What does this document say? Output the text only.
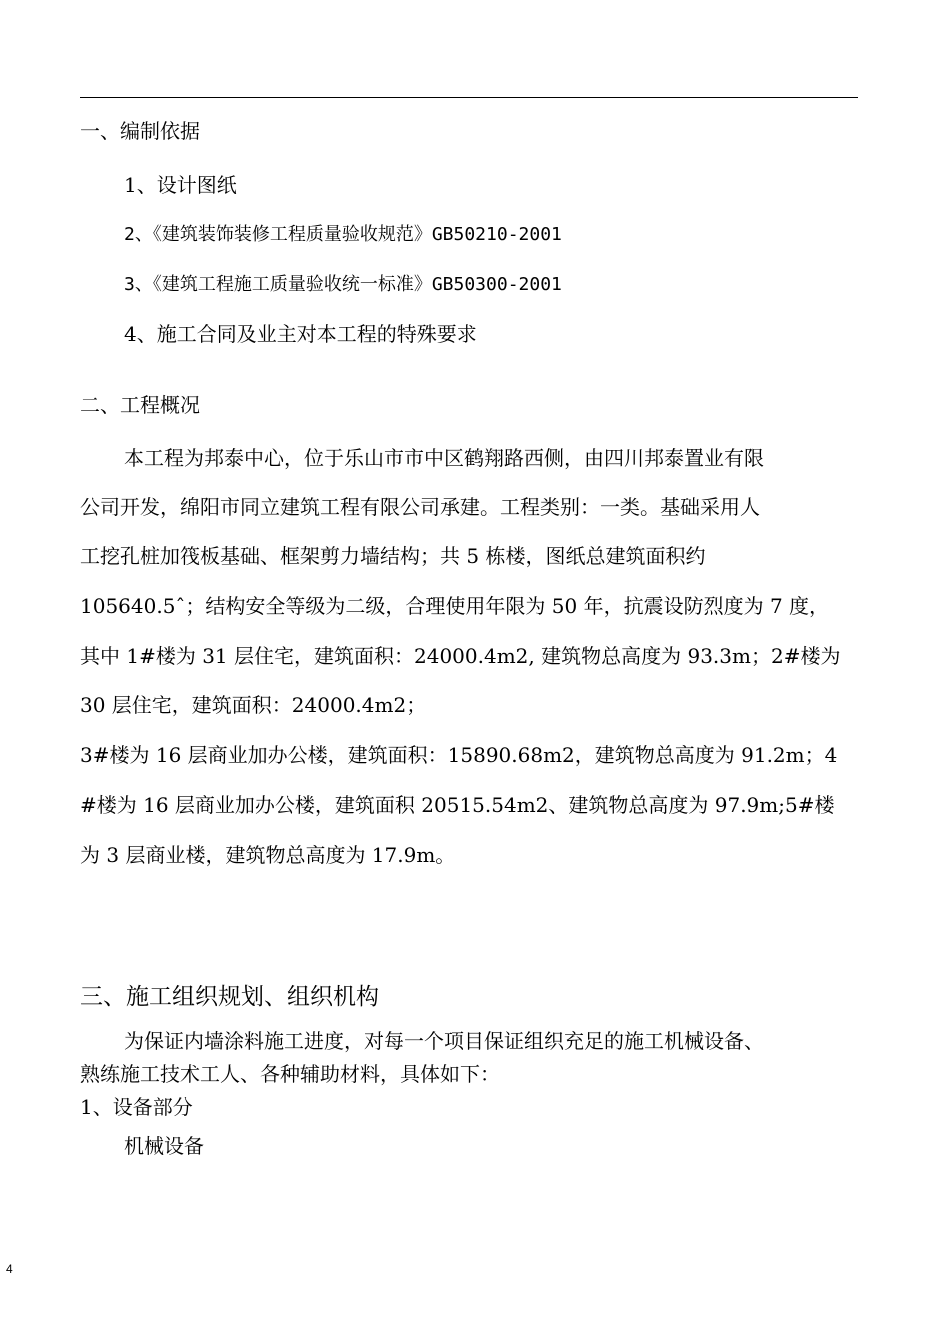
一、编制依据
1、设计图纸
2、《建筑装饰装修工程质量验收规范》GB50210-2001
3、《建筑工程施工质量验收统一标准》GB50300-2001
4、施工合同及业主对本工程的特殊要求
二、工程概况
本工程为邦泰中心，位于乐山市市中区鹤翔路西侧，由四川邦泰置业有限
公司开发，绵阳市同立建筑工程有限公司承建。工程类别：一类。基础采用人
工挖孔桩加筏板基础、框架剪力墙结构；共 5 栋楼，图纸总建筑面积约
105640.5ˆ；结构安全等级为二级，合理使用年限为 50 年，抗震设防烈度为 7 度，
其中 1#楼为 31 层住宅，建筑面积：24000.4m2, 建筑物总高度为 93.3m；2#楼为
30 层住宅，建筑面积：24000.4m2；
3#楼为 16 层商业加办公楼，建筑面积：15890.68m2，建筑物总高度为 91.2m；4
#楼为 16 层商业加办公楼，建筑面积 20515.54m2、建筑物总高度为 97.9m;5#楼
为 3 层商业楼，建筑物总高度为 17.9m。
三、施工组织规划、组织机构
为保证内墙涂料施工进度，对每一个项目保证组织充足的施工机械设备、
熟练施工技术工人、各种辅助材料，具体如下：
1、设备部分
机械设备
4
